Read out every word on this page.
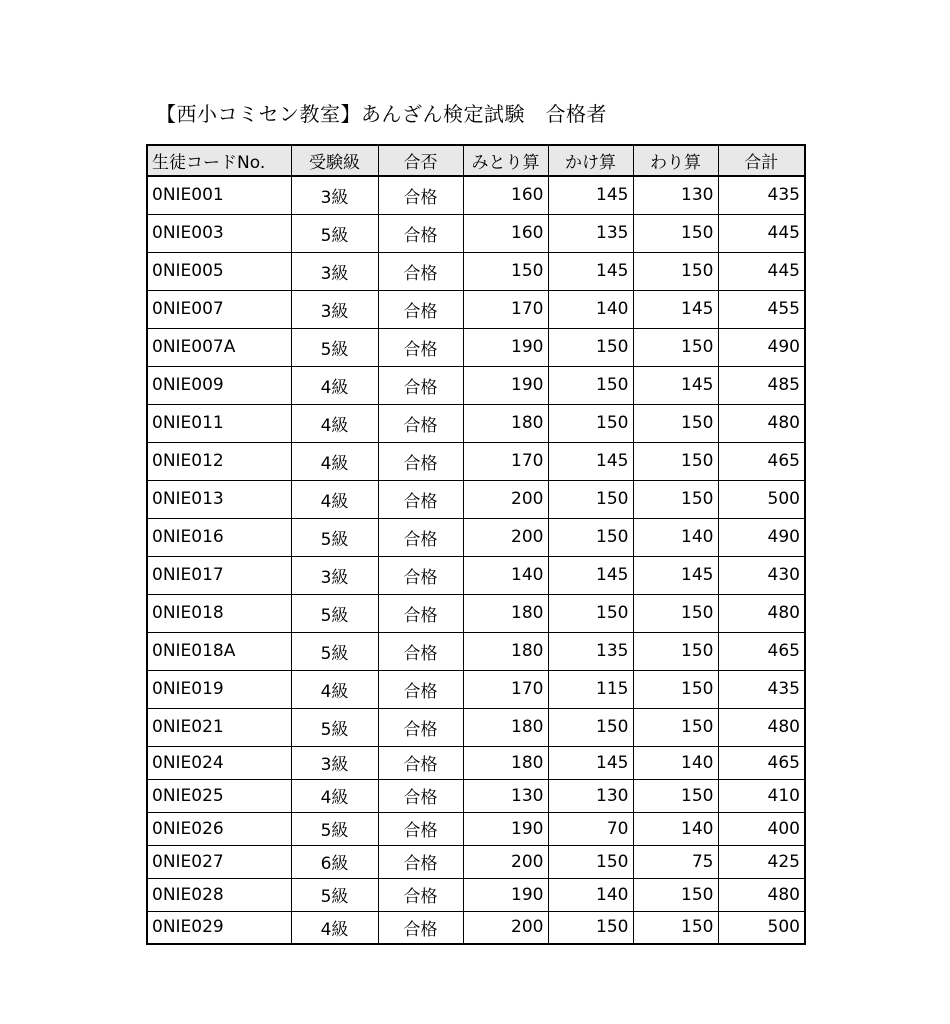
【西小コミセン教室】あんざん検定試験　合格者
生徒コードNo.	受験級	合否	みとり算	かけ算	わり算	合計
0NIE001	3級	合格	160	145	130	435
0NIE003	5級	合格	160	135	150	445
0NIE005	3級	合格	150	145	150	445
0NIE007	3級	合格	170	140	145	455
0NIE007A	5級	合格	190	150	150	490
0NIE009	4級	合格	190	150	145	485
0NIE011	4級	合格	180	150	150	480
0NIE012	4級	合格	170	145	150	465
0NIE013	4級	合格	200	150	150	500
0NIE016	5級	合格	200	150	140	490
0NIE017	3級	合格	140	145	145	430
0NIE018	5級	合格	180	150	150	480
0NIE018A	5級	合格	180	135	150	465
0NIE019	4級	合格	170	115	150	435
0NIE021	5級	合格	180	150	150	480
0NIE024	3級	合格	180	145	140	465
0NIE025	4級	合格	130	130	150	410
0NIE026	5級	合格	190	70	140	400
0NIE027	6級	合格	200	150	75	425
0NIE028	5級	合格	190	140	150	480
0NIE029	4級	合格	200	150	150	500
